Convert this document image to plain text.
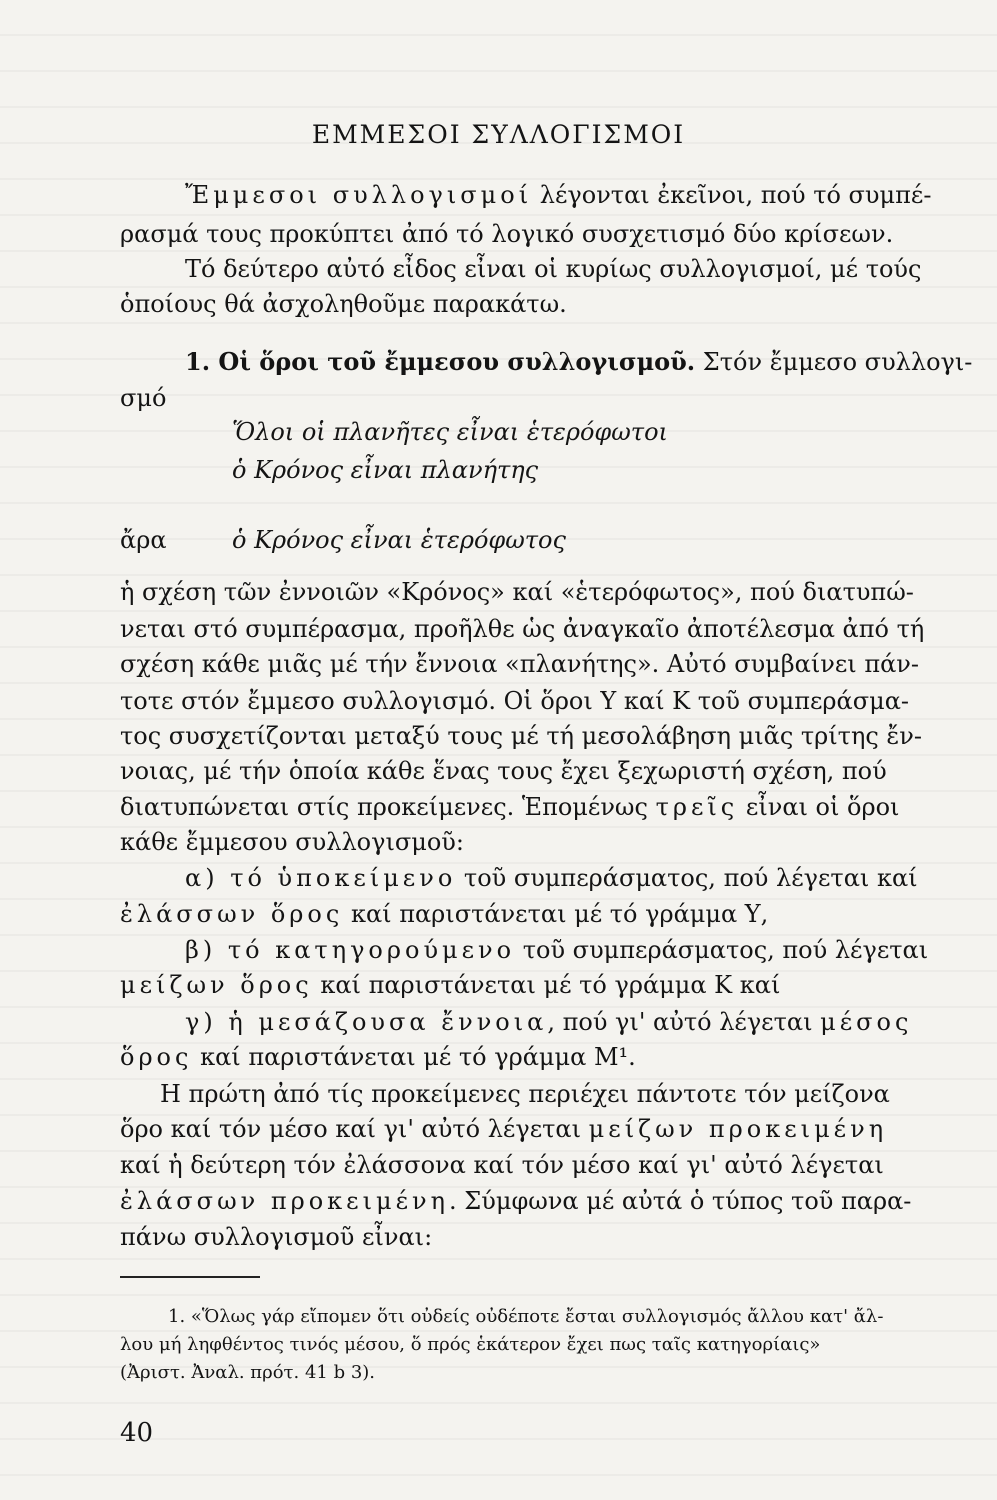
ΕΜΜΕΣΟΙ ΣΥΛΛΟΓΙΣΜΟΙ
Ἔμμεσοι συλλογισμοί λέγονται ἐκεῖνοι, πού τό συμπέ-
ρασμά τους προκύπτει ἀπό τό λογικό συσχετισμό δύο κρίσεων.
Τό δεύτερο αὐτό εἶδος εἶναι οἱ κυρίως συλλογισμοί, μέ τούς
ὁποίους θά ἀσχοληθοῦμε παρακάτω.
1. Οἱ ὅροι τοῦ ἔμμεσου συλλογισμοῦ. Στόν ἔμμεσο συλλογι-
σμό
Ὅλοι οἱ πλανῆτες εἶναι ἑτερόφωτοι
ὁ Κρόνος εἶναι πλανήτης
ἄρα	ὁ Κρόνος εἶναι ἑτερόφωτος
ἡ σχέση τῶν ἐννοιῶν «Κρόνος» καί «ἑτερόφωτος», πού διατυπώ-
νεται στό συμπέρασμα, προῆλθε ὡς ἀναγκαῖο ἀποτέλεσμα ἀπό τή
σχέση κάθε μιᾶς μέ τήν ἔννοια «πλανήτης». Αὐτό συμβαίνει πάν-
τοτε στόν ἔμμεσο συλλογισμό. Οἱ ὅροι Υ καί Κ τοῦ συμπεράσμα-
τος συσχετίζονται μεταξύ τους μέ τή μεσολάβηση μιᾶς τρίτης ἔν-
νοιας, μέ τήν ὁποία κάθε ἕνας τους ἔχει ξεχωριστή σχέση, πού
διατυπώνεται στίς προκείμενες. Ἑπομένως τρεῖς εἶναι οἱ ὅροι
κάθε ἔμμεσου συλλογισμοῦ:
α) τό ὑποκείμενο τοῦ συμπεράσματος, πού λέγεται καί
ἐλάσσων ὅρος καί παριστάνεται μέ τό γράμμα Υ,
β) τό κατηγορούμενο τοῦ συμπεράσματος, πού λέγεται
μείζων ὅρος καί παριστάνεται μέ τό γράμμα Κ καί
γ) ἡ μεσάζουσα ἔννοια, πού γι' αὐτό λέγεται μέσος
ὅρος καί παριστάνεται μέ τό γράμμα Μ¹.
Η πρώτη ἀπό τίς προκείμενες περιέχει πάντοτε τόν μείζονα
ὅρο καί τόν μέσο καί γι' αὐτό λέγεται μείζων προκειμένη
καί ἡ δεύτερη τόν ἐλάσσονα καί τόν μέσο καί γι' αὐτό λέγεται
ἐλάσσων προκειμένη. Σύμφωνα μέ αὐτά ὁ τύπος τοῦ παρα-
πάνω συλλογισμοῦ εἶναι:
1. «Ὅλως γάρ εἴπομεν ὅτι οὐδείς οὐδέποτε ἔσται συλλογισμός ἄλλου κατ' ἄλ-
λου μή ληφθέντος τινός μέσου, ὅ πρός ἑκάτερον ἔχει πως ταῖς κατηγορίαις»
(Ἀριστ. Ἀναλ. πρότ. 41 b 3).
40
